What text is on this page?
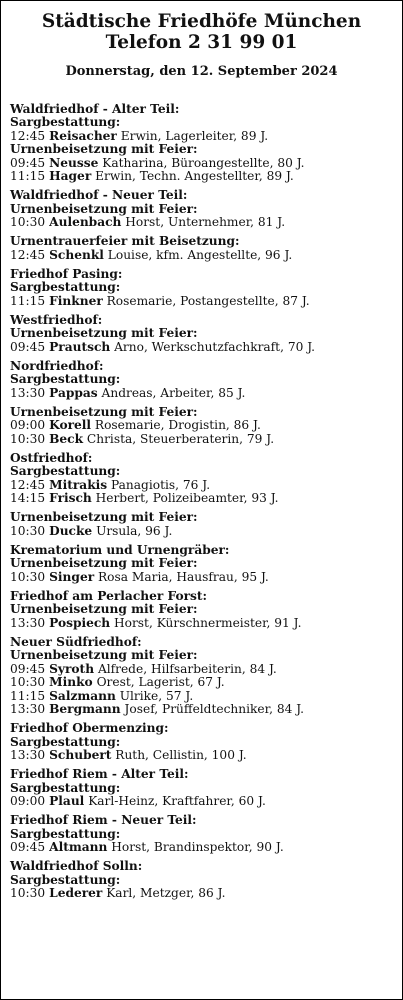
Städtische Friedhöfe München
Telefon 2 31 99 01
Donnerstag, den 12. September 2024
Waldfriedhof - Alter Teil:
Sargbestattung:
12:45 Reisacher Erwin, Lagerleiter, 89 J.
Urnenbeisetzung mit Feier:
09:45 Neusse Katharina, Büroangestellte, 80 J.
11:15 Hager Erwin, Techn. Angestellter, 89 J.
Waldfriedhof - Neuer Teil:
Urnenbeisetzung mit Feier:
10:30 Aulenbach Horst, Unternehmer, 81 J.
Urnentrauerfeier mit Beisetzung:
12:45 Schenkl Louise, kfm. Angestellte, 96 J.
Friedhof Pasing:
Sargbestattung:
11:15 Finkner Rosemarie, Postangestellte, 87 J.
Westfriedhof:
Urnenbeisetzung mit Feier:
09:45 Prautsch Arno, Werkschutzfachkraft, 70 J.
Nordfriedhof:
Sargbestattung:
13:30 Pappas Andreas, Arbeiter, 85 J.
Urnenbeisetzung mit Feier:
09:00 Korell Rosemarie, Drogistin, 86 J.
10:30 Beck Christa, Steuerberaterin, 79 J.
Ostfriedhof:
Sargbestattung:
12:45 Mitrakis Panagiotis, 76 J.
14:15 Frisch Herbert, Polizeibeamter, 93 J.
Urnenbeisetzung mit Feier:
10:30 Ducke Ursula, 96 J.
Krematorium und Urnengräber:
Urnenbeisetzung mit Feier:
10:30 Singer Rosa Maria, Hausfrau, 95 J.
Friedhof am Perlacher Forst:
Urnenbeisetzung mit Feier:
13:30 Pospiech Horst, Kürschnermeister, 91 J.
Neuer Südfriedhof:
Urnenbeisetzung mit Feier:
09:45 Syroth Alfrede, Hilfsarbeiterin, 84 J.
10:30 Minko Orest, Lagerist, 67 J.
11:15 Salzmann Ulrike, 57 J.
13:30 Bergmann Josef, Prüffeldtechniker, 84 J.
Friedhof Obermenzing:
Sargbestattung:
13:30 Schubert Ruth, Cellistin, 100 J.
Friedhof Riem - Alter Teil:
Sargbestattung:
09:00 Plaul Karl-Heinz, Kraftfahrer, 60 J.
Friedhof Riem - Neuer Teil:
Sargbestattung:
09:45 Altmann Horst, Brandinspektor, 90 J.
Waldfriedhof Solln:
Sargbestattung:
10:30 Lederer Karl, Metzger, 86 J.
